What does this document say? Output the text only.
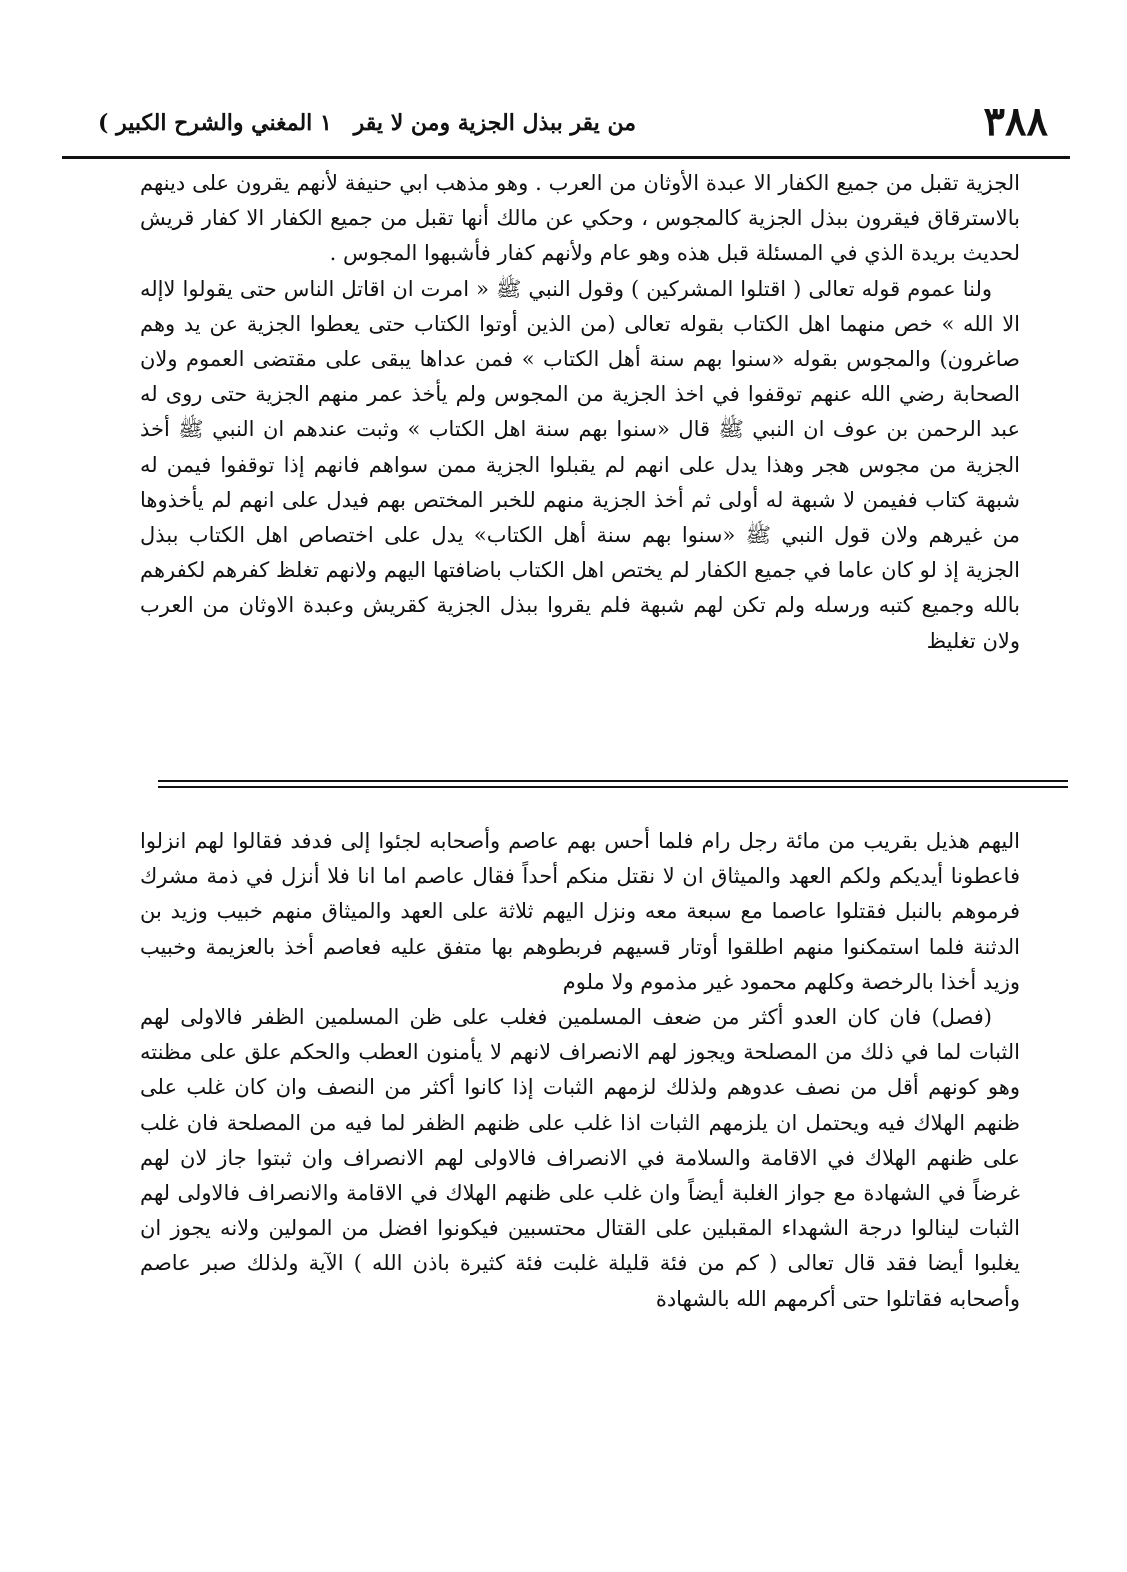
٣٨٨
من يقر ببذل الجزية ومن لا يقر
١ المغني والشرح الكبير )

الجزية تقبل من جميع الكفار الا عبدة الأوثان من العرب . وهو مذهب ابي حنيفة لأنهم يقرون على دينهم بالاسترقاق فيقرون ببذل الجزية كالمجوس ، وحكي عن مالك أنها تقبل من جميع الكفار الا كفار قريش لحديث بريدة الذي في المسئلة قبل هذه وهو عام ولأنهم كفار فأشبهوا المجوس .

ولنا عموم قوله تعالى ( اقتلوا المشركين ) وقول النبي ﷺ « امرت ان اقاتل الناس حتى يقولوا لاإله الا الله » خص منهما اهل الكتاب بقوله تعالى (من الذين أوتوا الكتاب حتى يعطوا الجزية عن يد وهم صاغرون) والمجوس بقوله «سنوا بهم سنة أهل الكتاب » فمن عداها يبقى على مقتضى العموم ولان الصحابة رضي الله عنهم توقفوا في اخذ الجزية من المجوس ولم يأخذ عمر منهم الجزية حتى روى له عبد الرحمن بن عوف ان النبي ﷺ قال «سنوا بهم سنة اهل الكتاب » وثبت عندهم ان النبي ﷺ أخذ الجزية من مجوس هجر وهذا يدل على انهم لم يقبلوا الجزية ممن سواهم فانهم إذا توقفوا فيمن له شبهة كتاب ففيمن لا شبهة له أولى ثم أخذ الجزية منهم للخبر المختص بهم فيدل على انهم لم يأخذوها من غيرهم ولان قول النبي ﷺ «سنوا بهم سنة أهل الكتاب» يدل على اختصاص اهل الكتاب ببذل الجزية إذ لو كان عاما في جميع الكفار لم يختص اهل الكتاب باضافتها اليهم ولانهم تغلظ كفرهم لكفرهم بالله وجميع كتبه ورسله ولم تكن لهم شبهة فلم يقروا ببذل الجزية كقريش وعبدة الاوثان من العرب ولان تغليظ

اليهم هذيل بقريب من مائة رجل رام فلما أحس بهم عاصم وأصحابه لجئوا إلى فدفد فقالوا لهم انزلوا فاعطونا أيديكم ولكم العهد والميثاق ان لا نقتل منكم أحداً فقال عاصم اما انا فلا أنزل في ذمة مشرك فرموهم بالنبل فقتلوا عاصما مع سبعة معه ونزل اليهم ثلاثة على العهد والميثاق منهم خبيب وزيد بن الدثنة فلما استمكنوا منهم اطلقوا أوتار قسيهم فربطوهم بها متفق عليه فعاصم أخذ بالعزيمة وخبيب وزيد أخذا بالرخصة وكلهم محمود غير مذموم ولا ملوم

(فصل) فان كان العدو أكثر من ضعف المسلمين فغلب على ظن المسلمين الظفر فالاولى لهم الثبات لما في ذلك من المصلحة ويجوز لهم الانصراف لانهم لا يأمنون العطب والحكم علق على مظنته وهو كونهم أقل من نصف عدوهم ولذلك لزمهم الثبات إذا كانوا أكثر من النصف وان كان غلب على ظنهم الهلاك فيه ويحتمل ان يلزمهم الثبات اذا غلب على ظنهم الظفر لما فيه من المصلحة فان غلب على ظنهم الهلاك في الاقامة والسلامة في الانصراف فالاولى لهم الانصراف وان ثبتوا جاز لان لهم غرضاً في الشهادة مع جواز الغلبة أيضاً وان غلب على ظنهم الهلاك في الاقامة والانصراف فالاولى لهم الثبات لينالوا درجة الشهداء المقبلين على القتال محتسبين فيكونوا افضل من المولين ولانه يجوز ان يغلبوا أيضا فقد قال تعالى ( كم من فئة قليلة غلبت فئة كثيرة باذن الله ) الآية ولذلك صبر عاصم وأصحابه فقاتلوا حتى أكرمهم الله بالشهادة
